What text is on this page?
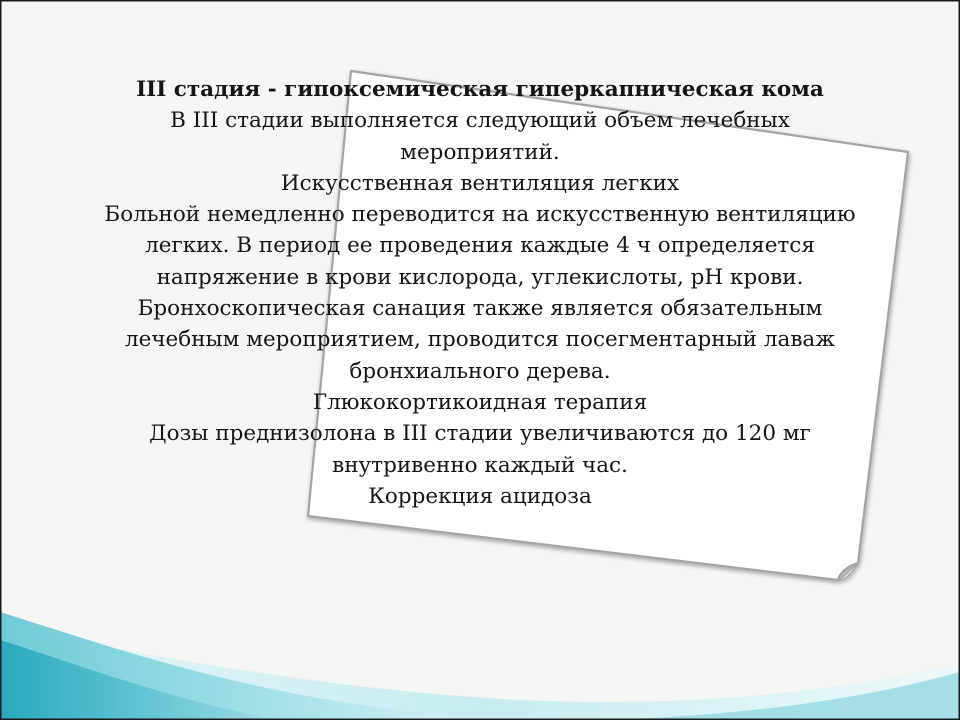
III стадия - гипоксемическая гиперкапническая кома
В III стадии выполняется следующий объем лечебных
мероприятий.
Искусственная вентиляция легких
Больной немедленно переводится на искусственную вентиляцию
легких. В период ее проведения каждые 4 ч определяется
напряжение в крови кислорода, углекислоты, рН крови.
Бронхоскопическая санация также является обязательным
лечебным мероприятием, проводится посегментарный лаваж
бронхиального дерева.
Глюкокортикоидная терапия
Дозы преднизолона в III стадии увеличиваются до 120 мг
внутривенно каждый час.
Коррекция ацидоза
